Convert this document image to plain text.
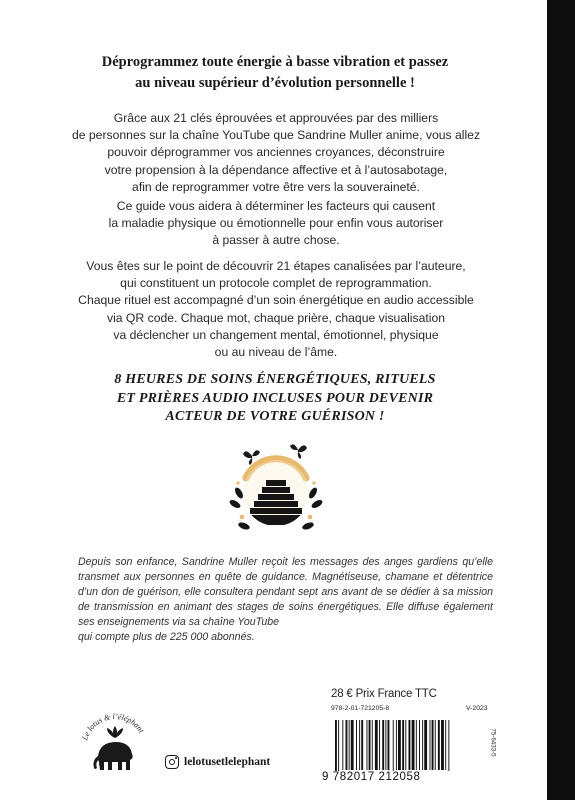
Déprogrammez toute énergie à basse vibration et passez
au niveau supérieur d’évolution personnelle !
Grâce aux 21 clés éprouvées et approuvées par des milliers
de personnes sur la chaîne YouTube que Sandrine Muller anime, vous allez
pouvoir déprogrammer vos anciennes croyances, déconstruire
votre propension à la dépendance affective et à l’autosabotage,
afin de reprogrammer votre être vers la souveraineté.
Ce guide vous aidera à déterminer les facteurs qui causent
la maladie physique ou émotionnelle pour enfin vous autoriser
à passer à autre chose.
Vous êtes sur le point de découvrir 21 étapes canalisées par l’auteure,
qui constituent un protocole complet de reprogrammation.
Chaque rituel est accompagné d’un soin énergétique en audio accessible
via QR code. Chaque mot, chaque prière, chaque visualisation
va déclencher un changement mental, émotionnel, physique
ou au niveau de l’âme.
8 HEURES DE SOINS ÉNERGÉTIQUES, RITUELS
ET PRIÈRES AUDIO INCLUSES POUR DEVENIR
ACTEUR DE VOTRE GUÉRISON !
Depuis son enfance, Sandrine Muller reçoit les messages des anges gardiens qu’elle transmet aux personnes en quête de guidance. Magnétiseuse, chamane et détentrice d’un don de guérison, elle consultera pendant sept ans avant de se dédier à sa mission de transmission en animant des stages de soins énergétiques. Elle diffuse également ses enseignements via sa chaîne YouTube
qui compte plus de 225 000 abonnés.
Le lotus & l’éléphant
lelotusetlelephant
28 € Prix France TTC
978-2-01-721205-8	V-2023
75-6433-5
9 782017 212058
